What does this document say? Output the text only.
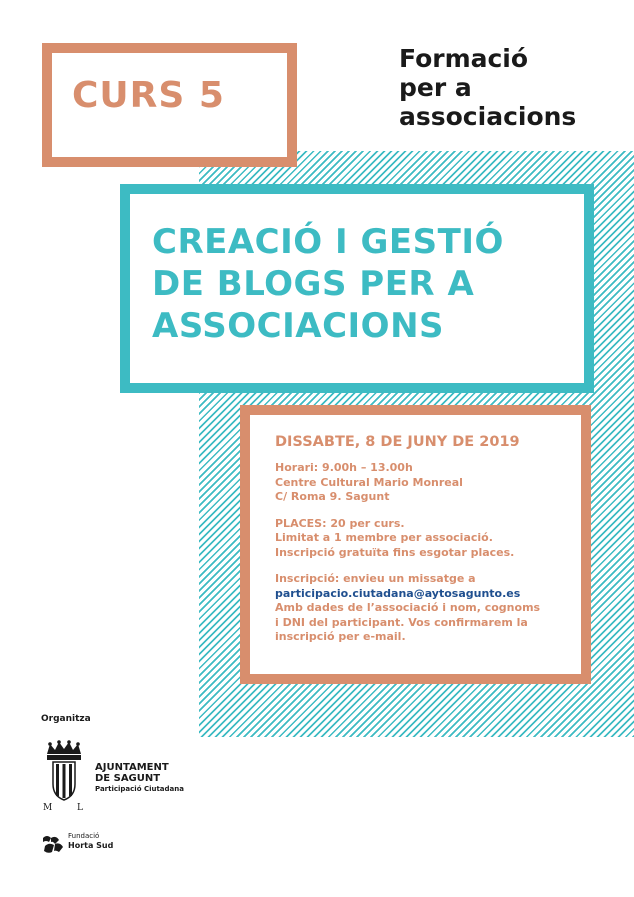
CURS 5
Formació
per a
associacions
CREACIÓ I GESTIÓ
DE BLOGS PER A
ASSOCIACIONS
DISSABTE, 8 DE JUNY DE 2019
Horari: 9.00h – 13.00h
Centre Cultural Mario Monreal
C/ Roma 9. Sagunt
PLACES: 20 per curs.
Limitat a 1 membre per associació.
Inscripció gratuïta fins esgotar places.
Inscripció: envieu un missatge a
participacio.ciutadana@aytosagunto.es
Amb dades de l’associació i nom, cognoms
i DNI del participant. Vos confirmarem la
inscripció per e-mail.
Organitza
M	L
AJUNTAMENT
DE SAGUNT
Participació Ciutadana
Fundació
Horta Sud
